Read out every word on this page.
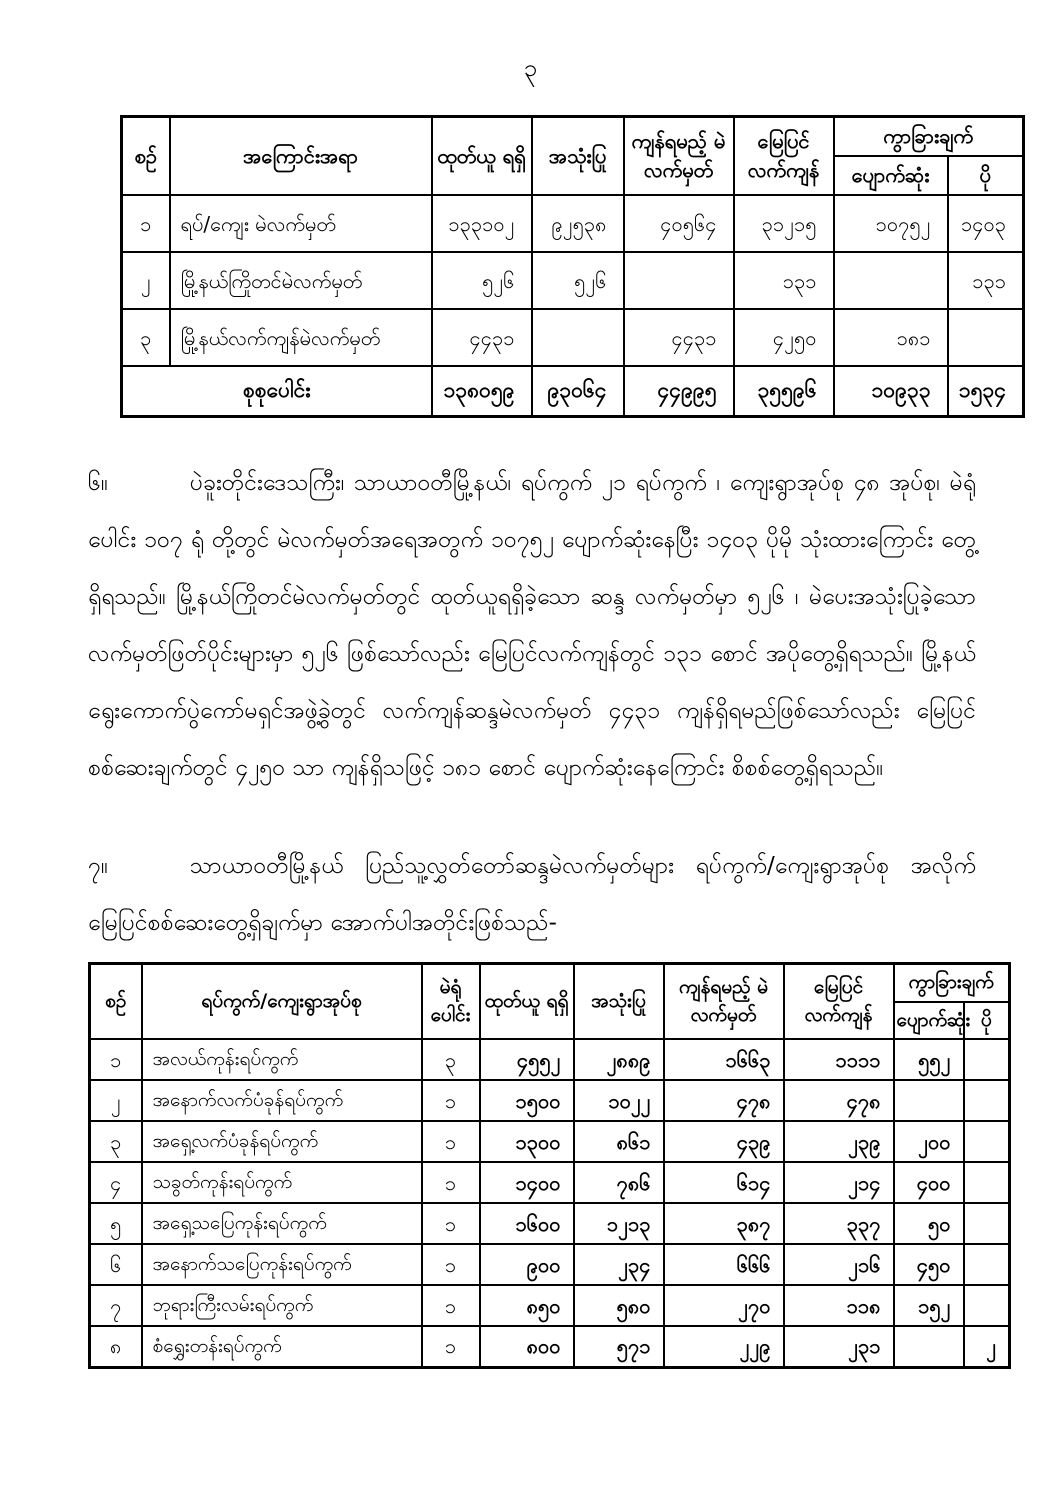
၃
စဉ်	အကြောင်းအရာ	ထုတ်ယူ ရရှိ	အသုံးပြု	ကျန်ရမည့် မဲလက်မှတ်	မြေပြင် လက်ကျန်	ကွာခြားချက်	
						ပျောက်ဆုံး	ပို
၁	ရပ်/ကျေး မဲလက်မှတ်	၁၃၃၁၀၂	၉၂၅၃၈	၄၀၅၆၄	၃၁၂၁၅	၁၀၇၅၂	၁၄၀၃
၂	မြို့နယ်ကြိုတင်မဲလက်မှတ်	၅၂၆	၅၂၆		၁၃၁		၁၃၁
၃	မြို့နယ်လက်ကျန်မဲလက်မှတ်	၄၄၃၁		၄၄၃၁	၄၂၅၀	၁၈၁	
စုစုပေါင်း		၁၃၈၀၅၉	၉၃၀၆၄	၄၄၉၉၅	၃၅၅၉၆	၁၀၉၃၃	၁၅၃၄
၆။	ပဲခူးတိုင်းဒေသကြီး၊ သာယာဝတီမြို့နယ်၊ ရပ်ကွက် ၂၁ ရပ်ကွက် ၊ ကျေးရွာအုပ်စု ၄၈ အုပ်စု၊ မဲရုံပေါင်း ၁၀၇ ရုံ တို့တွင် မဲလက်မှတ်အရေအတွက် ၁၀၇၅၂ ပျောက်ဆုံးနေပြီး ၁၄၀၃ ပိုမို သုံးထားကြောင်း တွေ့ရှိရသည်။ မြို့နယ်ကြိုတင်မဲလက်မှတ်တွင် ထုတ်ယူရရှိခဲ့သော ဆန္ဒ လက်မှတ်မှာ ၅၂၆ ၊ မဲပေးအသုံးပြုခဲ့သော လက်မှတ်ဖြတ်ပိုင်းများမှာ ၅၂၆ ဖြစ်သော်လည်း မြေပြင်လက်ကျန်တွင် ၁၃၁ စောင် အပိုတွေ့ရှိရသည်။ မြို့နယ်ရွေးကောက်ပွဲကော်မရှင်အဖွဲ့ခွဲတွင် လက်ကျန်ဆန္ဒမဲလက်မှတ် ၄၄၃၁ ကျန်ရှိရမည်ဖြစ်သော်လည်း မြေပြင်စစ်ဆေးချက်တွင် ၄၂၅၀ သာ ကျန်ရှိသဖြင့် ၁၈၁ စောင် ပျောက်ဆုံးနေကြောင်း စိစစ်တွေ့ရှိရသည်။
၇။	သာယာဝတီမြို့နယ် ပြည်သူ့လွှတ်တော်ဆန္ဒမဲလက်မှတ်များ ရပ်ကွက်/ကျေးရွာအုပ်စု အလိုက် မြေပြင်စစ်ဆေးတွေ့ရှိချက်မှာ အောက်ပါအတိုင်းဖြစ်သည်-
စဉ်	ရပ်ကွက်/ကျေးရွာအုပ်စု	မဲရုံ ပေါင်း	ထုတ်ယူ ရရှိ	အသုံးပြု	ကျန်ရမည့် မဲလက်မှတ်	မြေပြင် လက်ကျန်	ကွာခြားချက်	
							ပျောက်ဆုံး	ပို
၁	အလယ်ကုန်းရပ်ကွက်	၃	၄၅၅၂	၂၈၈၉	၁၆၆၃	၁၁၁၁	၅၅၂	
၂	အနောက်လက်ပံခုန်ရပ်ကွက်	၁	၁၅၀၀	၁၀၂၂	၄၇၈	၄၇၈		
၃	အရှေ့လက်ပံခုန်ရပ်ကွက်	၁	၁၃၀၀	၈၆၁	၄၃၉	၂၃၉	၂၀၀	
၄	သခွတ်ကုန်းရပ်ကွက်	၁	၁၄၀၀	၇၈၆	၆၁၄	၂၁၄	၄၀၀	
၅	အရှေ့သပြေကုန်းရပ်ကွက်	၁	၁၆၀၀	၁၂၁၃	၃၈၇	၃၃၇	၅၀	
၆	အနောက်သပြေကုန်းရပ်ကွက်	၁	၉၀၀	၂၃၄	၆၆၆	၂၁၆	၄၅၀	
၇	ဘုရားကြီးလမ်းရပ်ကွက်	၁	၈၅၀	၅၈၀	၂၇၀	၁၁၈	၁၅၂	
၈	စံရွှေးတန်းရပ်ကွက်	၁	၈၀၀	၅၇၁	၂၂၉	၂၃၁		၂
